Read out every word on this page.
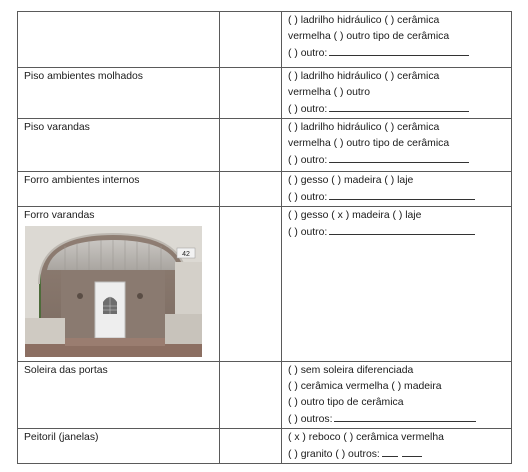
		( ) ladrilho hidráulico ( ) cerâmica
vermelha ( ) outro tipo de cerâmica
( ) outro:

Piso ambientes molhados		( ) ladrilho hidráulico ( ) cerâmica
vermelha ( ) outro
( ) outro:

Piso varandas		( ) ladrilho hidráulico ( ) cerâmica
vermelha ( ) outro tipo de cerâmica
( ) outro:

Forro ambientes internos		( ) gesso ( ) madeira ( ) laje
( ) outro:

Forro varandas		( ) gesso ( x ) madeira ( ) laje
( ) outro:

Soleira das portas		( ) sem soleira diferenciada
( ) cerâmica vermelha ( ) madeira
( ) outro tipo de cerâmica
( ) outros:

Peitoril (janelas)		( x ) reboco ( ) cerâmica vermelha
( ) granito ( ) outros:
42
